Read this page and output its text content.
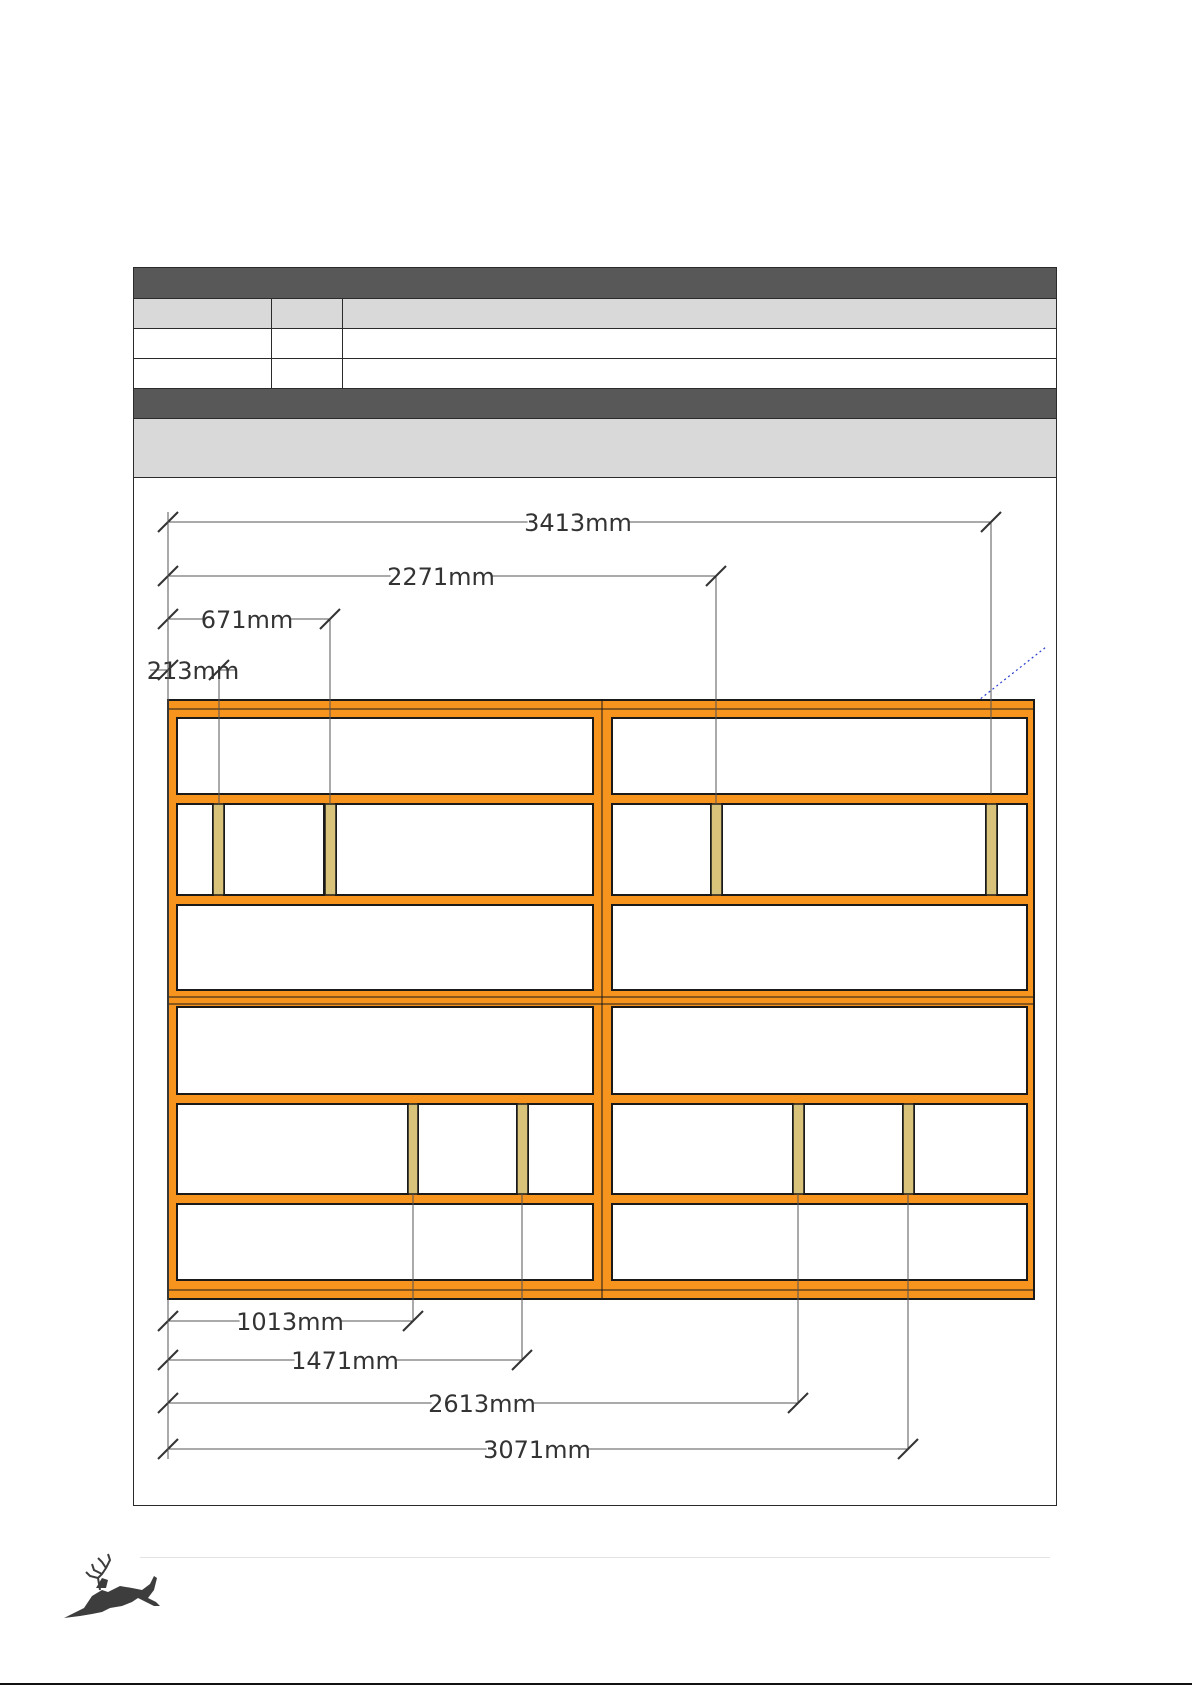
3413mm
2271mm
671mm
213mm
1013mm
1471mm
2613mm
3071mm
